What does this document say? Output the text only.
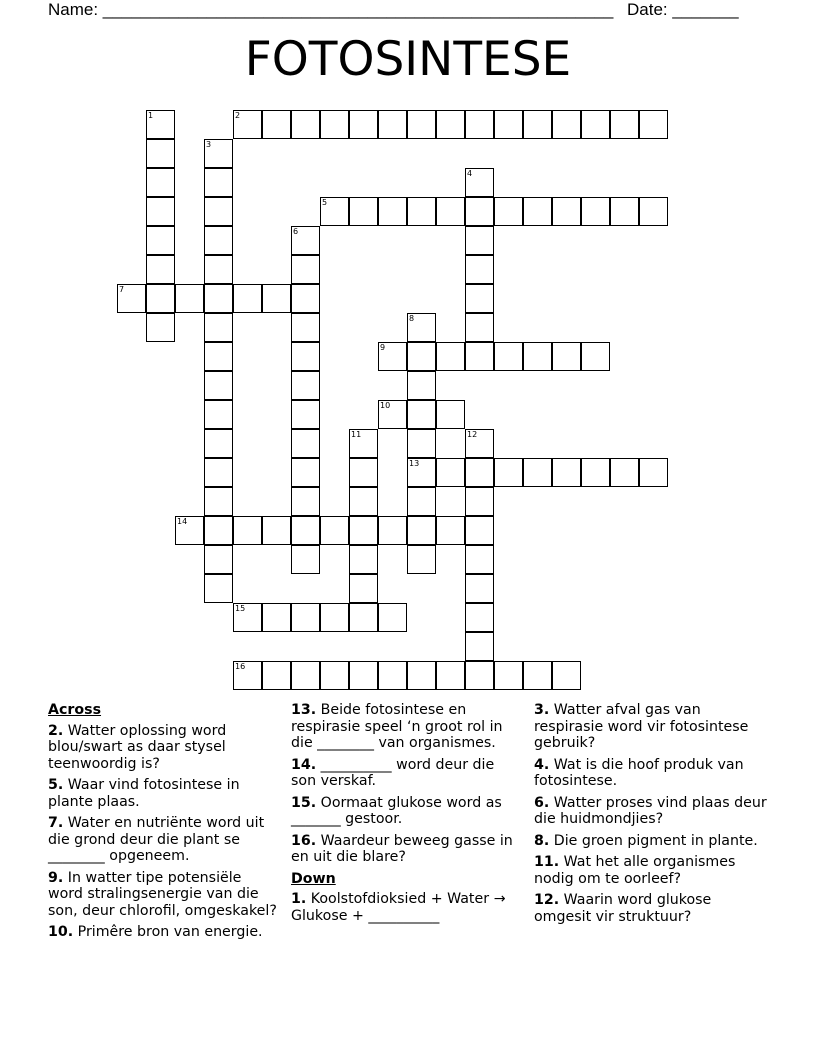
Name: ______________________________________________________ Date: _______
FOTOSINTESE
1	2
3
4
5
6
7
8
13
9
10
11	12
14
15
16
Across
2. Watter oplossing word blou/swart as daar stysel teenwoordig is?
5. Waar vind fotosintese in plante plaas.
7. Water en nutriënte word uit die grond deur die plant se ________ opgeneem.
9. In watter tipe potensiële word stralingsenergie van die son, deur chlorofil, omgeskakel?
10. Primêre bron van energie.
13. Beide fotosintese en respirasie speel ‘n groot rol in die ________ van organismes.
14. __________ word deur die son verskaf.
15. Oormaat glukose word as _______ gestoor.
16. Waardeur beweeg gasse in en uit die blare?
Down
1. Koolstofdioksied + Water → Glukose + __________
3. Watter afval gas van respirasie word vir fotosintese gebruik?
4. Wat is die hoof produk van fotosintese.
6. Watter proses vind plaas deur die huidmondjies?
8. Die groen pigment in plante.
11. Wat het alle organismes nodig om te oorleef?
12. Waarin word glukose omgesit vir struktuur?
